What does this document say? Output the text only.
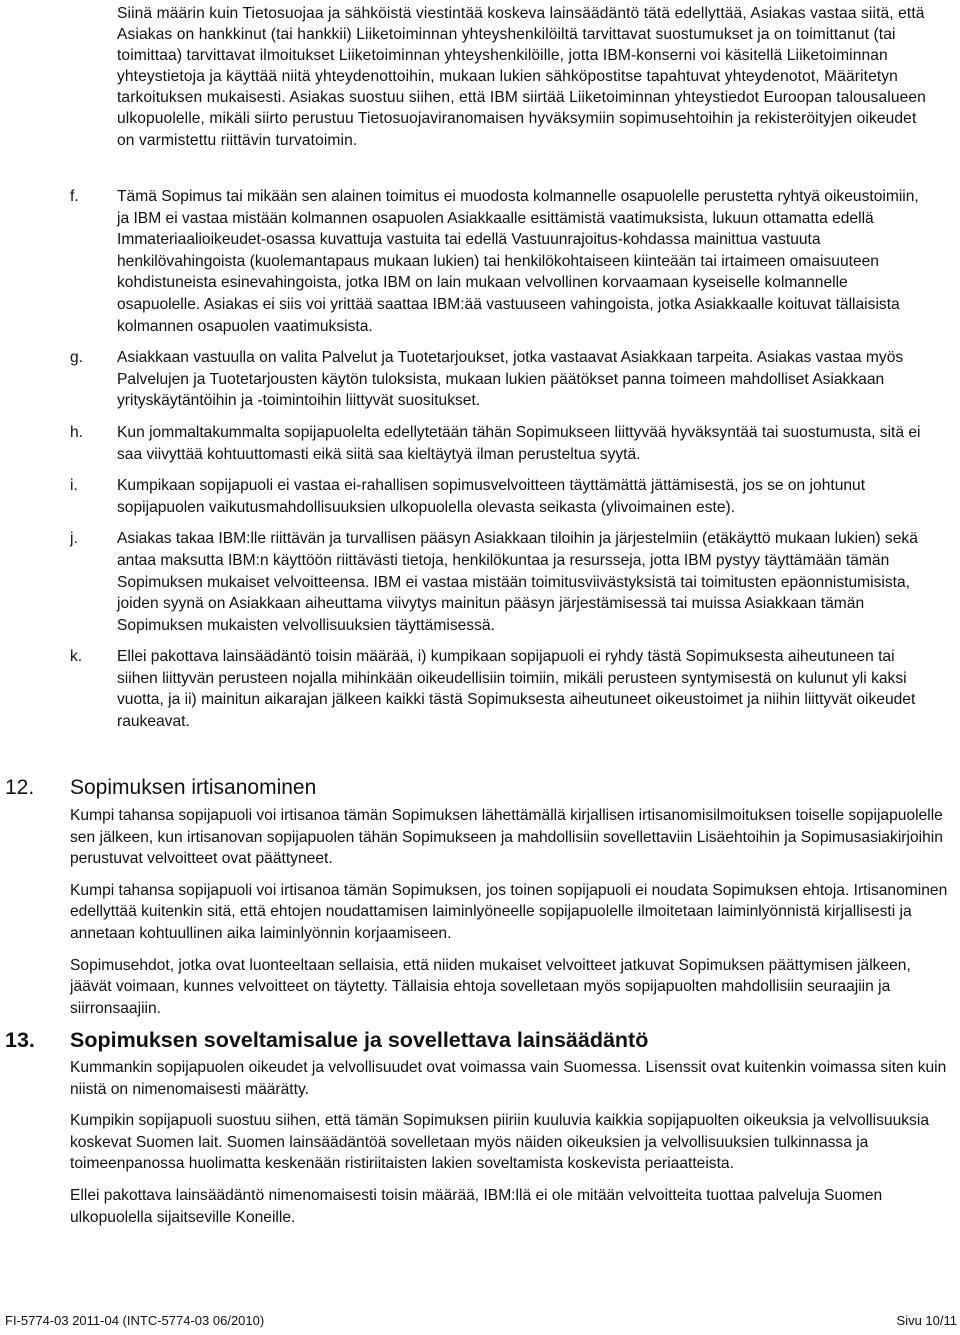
Siinä määrin kuin Tietosuojaa ja sähköistä viestintää koskeva lainsäädäntö tätä edellyttää, Asiakas vastaa siitä, että Asiakas on hankkinut (tai hankkii) Liiketoiminnan yhteyshenkilöiltä tarvittavat suostumukset ja on toimittanut (tai toimittaa) tarvittavat ilmoitukset Liiketoiminnan yhteyshenkilöille, jotta IBM-konserni voi käsitellä Liiketoiminnan yhteystietoja ja käyttää niitä yhteydenottoihin, mukaan lukien sähköpostitse tapahtuvat yhteydenotot, Määritetyn tarkoituksen mukaisesti. Asiakas suostuu siihen, että IBM siirtää Liiketoiminnan yhteystiedot Euroopan talousalueen ulkopuolelle, mikäli siirto perustuu Tietosuojaviranomaisen hyväksymiin sopimusehtoihin ja rekisteröityjen oikeudet on varmistettu riittävin turvatoimin.

f. Tämä Sopimus tai mikään sen alainen toimitus ei muodosta kolmannelle osapuolelle perustetta ryhtyä oikeustoimiin, ja IBM ei vastaa mistään kolmannen osapuolen Asiakkaalle esittämistä vaatimuksista, lukuun ottamatta edellä Immateriaalioikeudet-osassa kuvattuja vastuita tai edellä Vastuunrajoitus-kohdassa mainittua vastuuta henkilövahingoista (kuolemantapaus mukaan lukien) tai henkilökohtaiseen kiinteään tai irtaimeen omaisuuteen kohdistuneista esinevahingoista, jotka IBM on lain mukaan velvollinen korvaamaan kyseiselle kolmannelle osapuolelle. Asiakas ei siis voi yrittää saattaa IBM:ää vastuuseen vahingoista, jotka Asiakkaalle koituvat tällaisista kolmannen osapuolen vaatimuksista.
g. Asiakkaan vastuulla on valita Palvelut ja Tuotetarjoukset, jotka vastaavat Asiakkaan tarpeita. Asiakas vastaa myös Palvelujen ja Tuotetarjousten käytön tuloksista, mukaan lukien päätökset panna toimeen mahdolliset Asiakkaan yrityskäytäntöihin ja -toimintoihin liittyvät suositukset.
h. Kun jommaltakummalta sopijapuolelta edellytetään tähän Sopimukseen liittyvää hyväksyntää tai suostumusta, sitä ei saa viivyttää kohtuuttomasti eikä siitä saa kieltäytyä ilman perusteltua syytä.
i.	Kumpikaan sopijapuoli ei vastaa ei-rahallisen sopimusvelvoitteen täyttämättä jättämisestä, jos se on johtunut sopijapuolen vaikutusmahdollisuuksien ulkopuolella olevasta seikasta (ylivoimainen este).
j.	Asiakas takaa IBM:lle riittävän ja turvallisen pääsyn Asiakkaan tiloihin ja järjestelmiin (etäkäyttö mukaan lukien) sekä antaa maksutta IBM:n käyttöön riittävästi tietoja, henkilökuntaa ja resursseja, jotta IBM pystyy täyttämään tämän Sopimuksen mukaiset velvoitteensa. IBM ei vastaa mistään toimitusviivästyksistä tai toimitusten epäonnistumisista, joiden syynä on Asiakkaan aiheuttama viivytys mainitun pääsyn järjestämisessä tai muissa Asiakkaan tämän Sopimuksen mukaisten velvollisuuksien täyttämisessä.
k. Ellei pakottava lainsäädäntö toisin määrää, i) kumpikaan sopijapuoli ei ryhdy tästä Sopimuksesta aiheutuneen tai siihen liittyvän perusteen nojalla mihinkään oikeudellisiin toimiin, mikäli perusteen syntymisestä on kulunut yli kaksi vuotta, ja ii) mainitun aikarajan jälkeen kaikki tästä Sopimuksesta aiheutuneet oikeustoimet ja niihin liittyvät oikeudet raukeavat.
12. Sopimuksen irtisanominen

Kumpi tahansa sopijapuoli voi irtisanoa tämän Sopimuksen lähettämällä kirjallisen irtisanomisilmoituksen toiselle sopijapuolelle sen jälkeen, kun irtisanovan sopijapuolen tähän Sopimukseen ja mahdollisiin sovellettaviin Lisäehtoihin ja Sopimusasiakirjoihin perustuvat velvoitteet ovat päättyneet.

Kumpi tahansa sopijapuoli voi irtisanoa tämän Sopimuksen, jos toinen sopijapuoli ei noudata Sopimuksen ehtoja. Irtisanominen edellyttää kuitenkin sitä, että ehtojen noudattamisen laiminlyöneelle sopijapuolelle ilmoitetaan laiminlyönnistä kirjallisesti ja annetaan kohtuullinen aika laiminlyönnin korjaamiseen.

Sopimusehdot, jotka ovat luonteeltaan sellaisia, että niiden mukaiset velvoitteet jatkuvat Sopimuksen päättymisen jälkeen, jäävät voimaan, kunnes velvoitteet on täytetty. Tällaisia ehtoja sovelletaan myös sopijapuolten mahdollisiin seuraajiin ja siirronsaajiin.

13. Sopimuksen soveltamisalue ja sovellettava lainsäädäntö

Kummankin sopijapuolen oikeudet ja velvollisuudet ovat voimassa vain Suomessa. Lisenssit ovat kuitenkin voimassa siten kuin niistä on nimenomaisesti määrätty.

Kumpikin sopijapuoli suostuu siihen, että tämän Sopimuksen piiriin kuuluvia kaikkia sopijapuolten oikeuksia ja velvollisuuksia koskevat Suomen lait. Suomen lainsäädäntöä sovelletaan myös näiden oikeuksien ja velvollisuuksien tulkinnassa ja toimeenpanossa huolimatta keskenään ristiriitaisten lakien soveltamista koskevista periaatteista.

Ellei pakottava lainsäädäntö nimenomaisesti toisin määrää, IBM:llä ei ole mitään velvoitteita tuottaa palveluja Suomen ulkopuolella sijaitseville Koneille.

FI-5774-03 2011-04 (INTC-5774-03 06/2010)	Sivu 10/11
